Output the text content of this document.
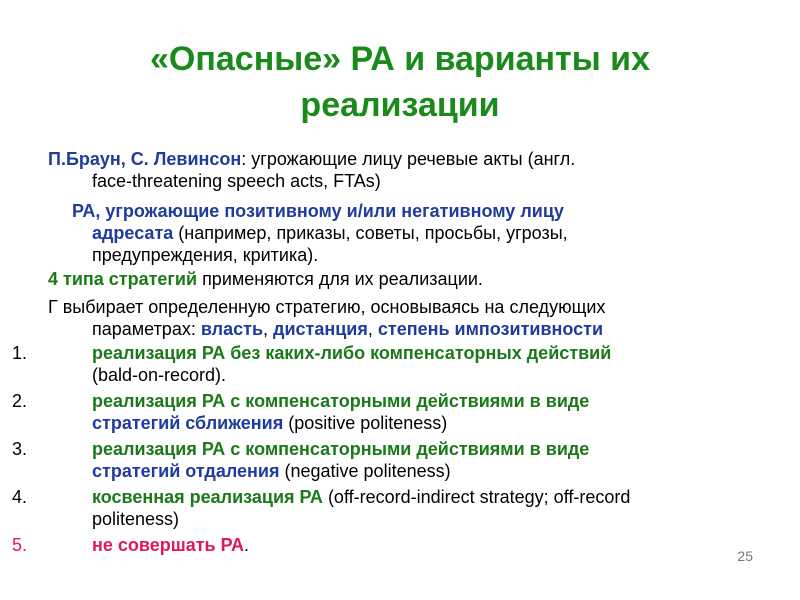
«Опасные» РА и варианты их
реализации
П.Браун, С. Левинсон: угрожающие лицу речевые акты (англ.
face-threatening speech acts, FTAs)
РА, угрожающие позитивному и/или негативному лицу
адресата (например, приказы, советы, просьбы, угрозы,
предупреждения, критика).
4 типа стратегий применяются для их реализации.
Г выбирает определенную стратегию, основываясь на следующих
параметрах: власть, дистанция, степень импозитивности
1.	реализация РА без каких-либо компенсаторных действий
(bald-on-record).
2.	реализация РА с компенсаторными действиями в виде
стратегий сближения (positive politeness)
3.	реализация РА с компенсаторными действиями в виде
стратегий отдаления (negative politeness)
4.	косвенная реализация РА (off-record-indirect strategy; off-record
politeness)
5.	не совершать РА.
25
